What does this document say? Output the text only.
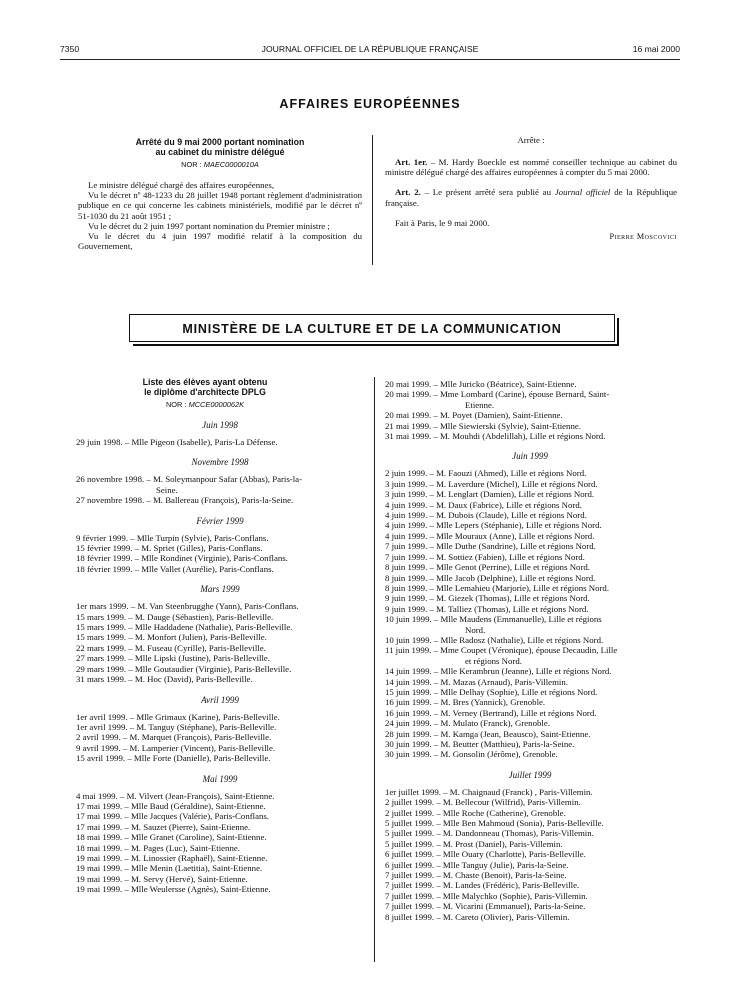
7350	JOURNAL OFFICIEL DE LA RÉPUBLIQUE FRANÇAISE	16 mai 2000
AFFAIRES EUROPÉENNES
Arrêté du 9 mai 2000 portant nomination
au cabinet du ministre délégué
NOR : MAEC0000010A

Le ministre délégué chargé des affaires européennes,

Vu le décret nº 48-1233 du 28 juillet 1948 portant règlement d'administration publique en ce qui concerne les cabinets ministériels, modifié par le décret nº 51-1030 du 21 août 1951 ;

Vu le décret du 2 juin 1997 portant nomination du Premier ministre ;

Vu le décret du 4 juin 1997 modifié relatif à la composition du Gouvernement,

Arrête :

Art. 1er. – M. Hardy Boeckle est nommé conseiller technique au cabinet du ministre délégué chargé des affaires européennes à compter du 5 mai 2000.

Art. 2. – Le présent arrêté sera publié au Journal officiel de la République française.

Fait à Paris, le 9 mai 2000.

Pierre Moscovici
MINISTÈRE DE LA CULTURE ET DE LA COMMUNICATION
Liste des élèves ayant obtenu
le diplôme d'architecte DPLG
NOR : MCCE0000062K
Juin 1998
29 juin 1998. – Mlle Pigeon (Isabelle), Paris-La Défense.
Novembre 1998
26 novembre 1998. – M. Soleymanpour Safar (Abbas), Paris-la-
Seine.
27 novembre 1998. – M. Ballereau (François), Paris-la-Seine.
Février 1999
9 février 1999. – Mlle Turpin (Sylvie), Paris-Conflans.
15 février 1999. – M. Spriet (Gilles), Paris-Conflans.
18 février 1999. – Mlle Rondinet (Virginie), Paris-Conflans.
18 février 1999. – Mlle Vallet (Aurélie), Paris-Conflans.
Mars 1999
1er mars 1999. – M. Van Steenbrugghe (Yann), Paris-Conflans.
15 mars 1999. – M. Dauge (Sébastien), Paris-Belleville.
15 mars 1999. – Mlle Haddadene (Nathalie), Paris-Belleville.
15 mars 1999. – M. Monfort (Julien), Paris-Belleville.
22 mars 1999. – M. Fuseau (Cyrille), Paris-Belleville.
27 mars 1999. – Mlle Lipski (Justine), Paris-Belleville.
29 mars 1999. – Mlle Goutaudier (Virginie), Paris-Belleville.
31 mars 1999. – M. Hoc (David), Paris-Belleville.
Avril 1999
1er avril 1999. – Mlle Grimaux (Karine), Paris-Belleville.
1er avril 1999. – M. Tanguy (Stéphane), Paris-Belleville.
2 avril 1999. – M. Marquet (François), Paris-Belleville.
9 avril 1999. – M. Lamperier (Vincent), Paris-Belleville.
15 avril 1999. – Mlle Forte (Danielle), Paris-Belleville.
Mai 1999
4 mai 1999. – M. Vilvert (Jean-François), Saint-Etienne.
17 mai 1999. – Mlle Baud (Géraldine), Saint-Etienne.
17 mai 1999. – Mlle Jacques (Valérie), Paris-Conflans.
17 mai 1999. – M. Sauzet (Pierre), Saint-Etienne.
18 mai 1999. – Mlle Granet (Caroline), Saint-Etienne.
18 mai 1999. – M. Pages (Luc), Saint-Etienne.
19 mai 1999. – M. Linossier (Raphaël), Saint-Etienne.
19 mai 1999. – Mlle Menin (Laetitia), Saint-Etienne.
19 mai 1999. – M. Servy (Hervé), Saint-Etienne.
19 mai 1999. – Mlle Weulersse (Agnès), Saint-Etienne.
20 mai 1999. – Mlle Juricko (Béatrice), Saint-Etienne.
20 mai 1999. – Mme Lombard (Carine), épouse Bernard, Saint-
Etienne.
20 mai 1999. – M. Poyet (Damien), Saint-Etienne.
21 mai 1999. – Mlle Siewierski (Sylvie), Saint-Etienne.
31 mai 1999. – M. Mouhdi (Abdelillah), Lille et régions Nord.
Juin 1999
2 juin 1999. – M. Faouzi (Ahmed), Lille et régions Nord.
3 juin 1999. – M. Laverdure (Michel), Lille et régions Nord.
3 juin 1999. – M. Lenglart (Damien), Lille et régions Nord.
4 juin 1999. – M. Daux (Fabrice), Lille et régions Nord.
4 juin 1999. – M. Dubois (Claude), Lille et régions Nord.
4 juin 1999. – Mlle Lepers (Stéphanie), Lille et régions Nord.
4 juin 1999. – Mlle Mouraux (Anne), Lille et régions Nord.
7 juin 1999. – Mlle Duthe (Sandrine), Lille et régions Nord.
7 juin 1999. – M. Sottiez (Fabien), Lille et régions Nord.
8 juin 1999. – Mlle Genot (Perrine), Lille et régions Nord.
8 juin 1999. – Mlle Jacob (Delphine), Lille et régions Nord.
8 juin 1999. – Mlle Lemahieu (Marjorie), Lille et régions Nord.
9 juin 1999. – M. Giezek (Thomas), Lille et régions Nord.
9 juin 1999. – M. Talliez (Thomas), Lille et régions Nord.
10 juin 1999. – Mlle Maudens (Emmanuelle), Lille et régions
Nord.
10 juin 1999. – Mlle Radosz (Nathalie), Lille et régions Nord.
11 juin 1999. – Mme Coupet (Véronique), épouse Decaudin, Lille
et régions Nord.
14 juin 1999. – Mlle Kerambrun (Jeanne), Lille et régions Nord.
14 juin 1999. – M. Mazas (Arnaud), Paris-Villemin.
15 juin 1999. – Mlle Delhay (Sophie), Lille et régions Nord.
16 juin 1999. – M. Bres (Yannick), Grenoble.
16 juin 1999. – M. Verney (Bertrand), Lille et régions Nord.
24 juin 1999. – M. Mulato (Franck), Grenoble.
28 juin 1999. – M. Kamga (Jean, Beausco), Saint-Etienne.
30 juin 1999. – M. Beutter (Matthieu), Paris-la-Seine.
30 juin 1999. – M. Gonsolin (Jérôme), Grenoble.
Juillet 1999
1er juillet 1999. – M. Chaignaud (Franck) , Paris-Villemin.
2 juillet 1999. – M. Bellecour (Wilfrid), Paris-Villemin.
2 juillet 1999. – Mlle Roche (Catherine), Grenoble.
5 juillet 1999. – Mlle Ben Mahmoud (Sonia), Paris-Belleville.
5 juillet 1999. – M. Dandonneau (Thomas), Paris-Villemin.
5 juillet 1999. – M. Prost (Daniel), Paris-Villemin.
6 juillet 1999. – Mlle Ouary (Charlotte), Paris-Belleville.
6 juillet 1999. – Mlle Tanguy (Julie), Paris-la-Seine.
7 juillet 1999. – M. Chaste (Benoit), Paris-la-Seine.
7 juillet 1999. – M. Landes (Frédéric), Paris-Belleville.
7 juillet 1999. – Mlle Malychko (Sophie), Paris-Villemin.
7 juillet 1999. – M. Vicarini (Emmanuel), Paris-la-Seine.
8 juillet 1999. – M. Careto (Olivier), Paris-Villemin.
